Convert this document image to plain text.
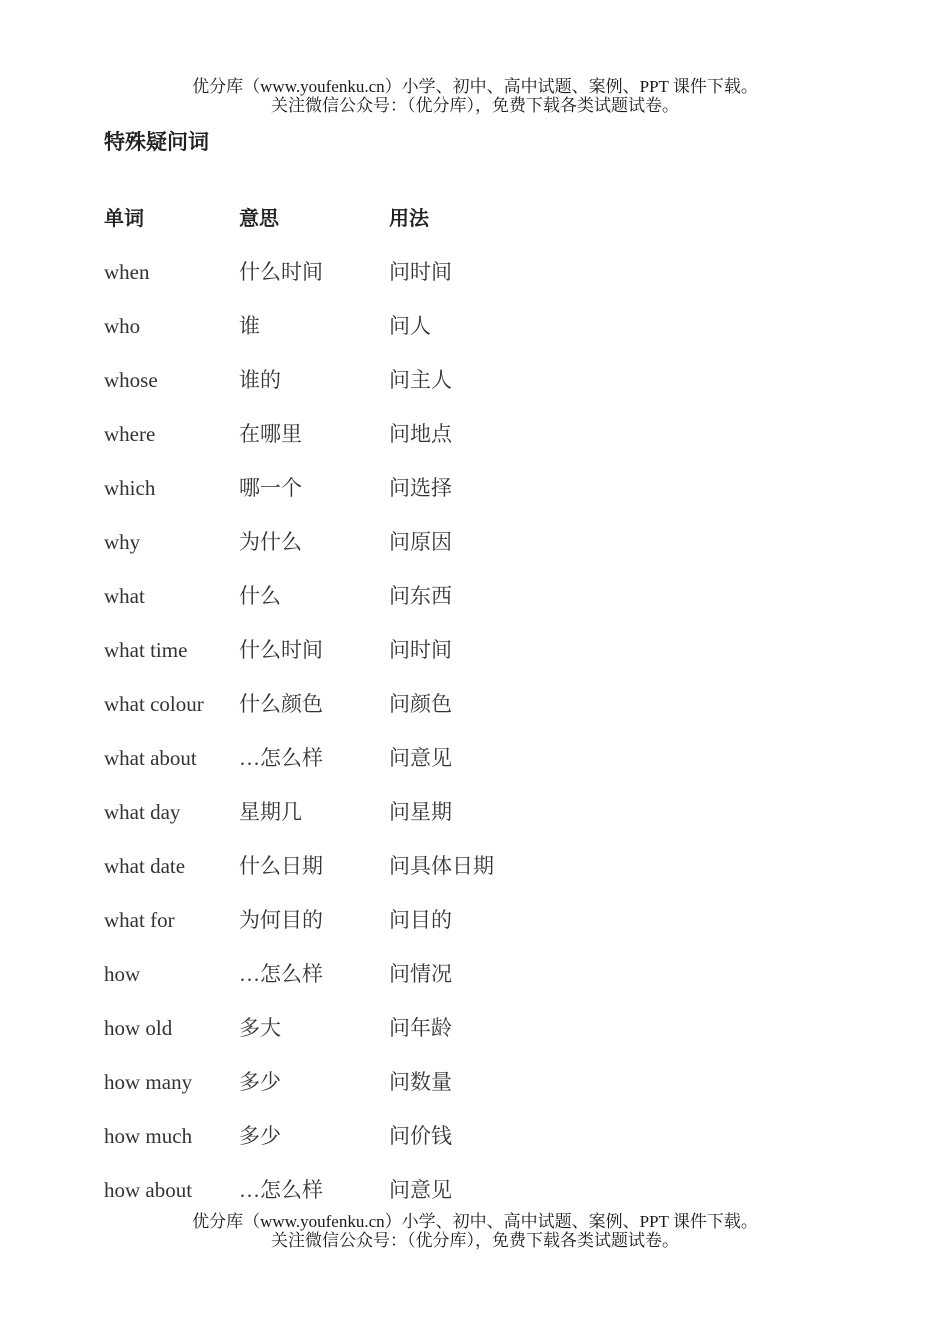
优分库（www.youfenku.cn）小学、初中、高中试题、案例、PPT 课件下载。
关注微信公众号：（优分库），免费下载各类试题试卷。
特殊疑问词
单词	意思	用法
when	什么时间	问时间
who	谁	问人
whose	谁的	问主人
where	在哪里	问地点
which	哪一个	问选择
why	为什么	问原因
what	什么	问东西
what time 什么时间	问时间
what colour 什么颜色	问颜色
what about …怎么样	问意见
what day	星期几	问星期
what date	什么日期	问具体日期
what for	为何目的	问目的
how	…怎么样	问情况
how old	多大	问年龄
how many 多少	问数量
how much 多少	问价钱
how about …怎么样	问意见
优分库（www.youfenku.cn）小学、初中、高中试题、案例、PPT 课件下载。
关注微信公众号：（优分库），免费下载各类试题试卷。
